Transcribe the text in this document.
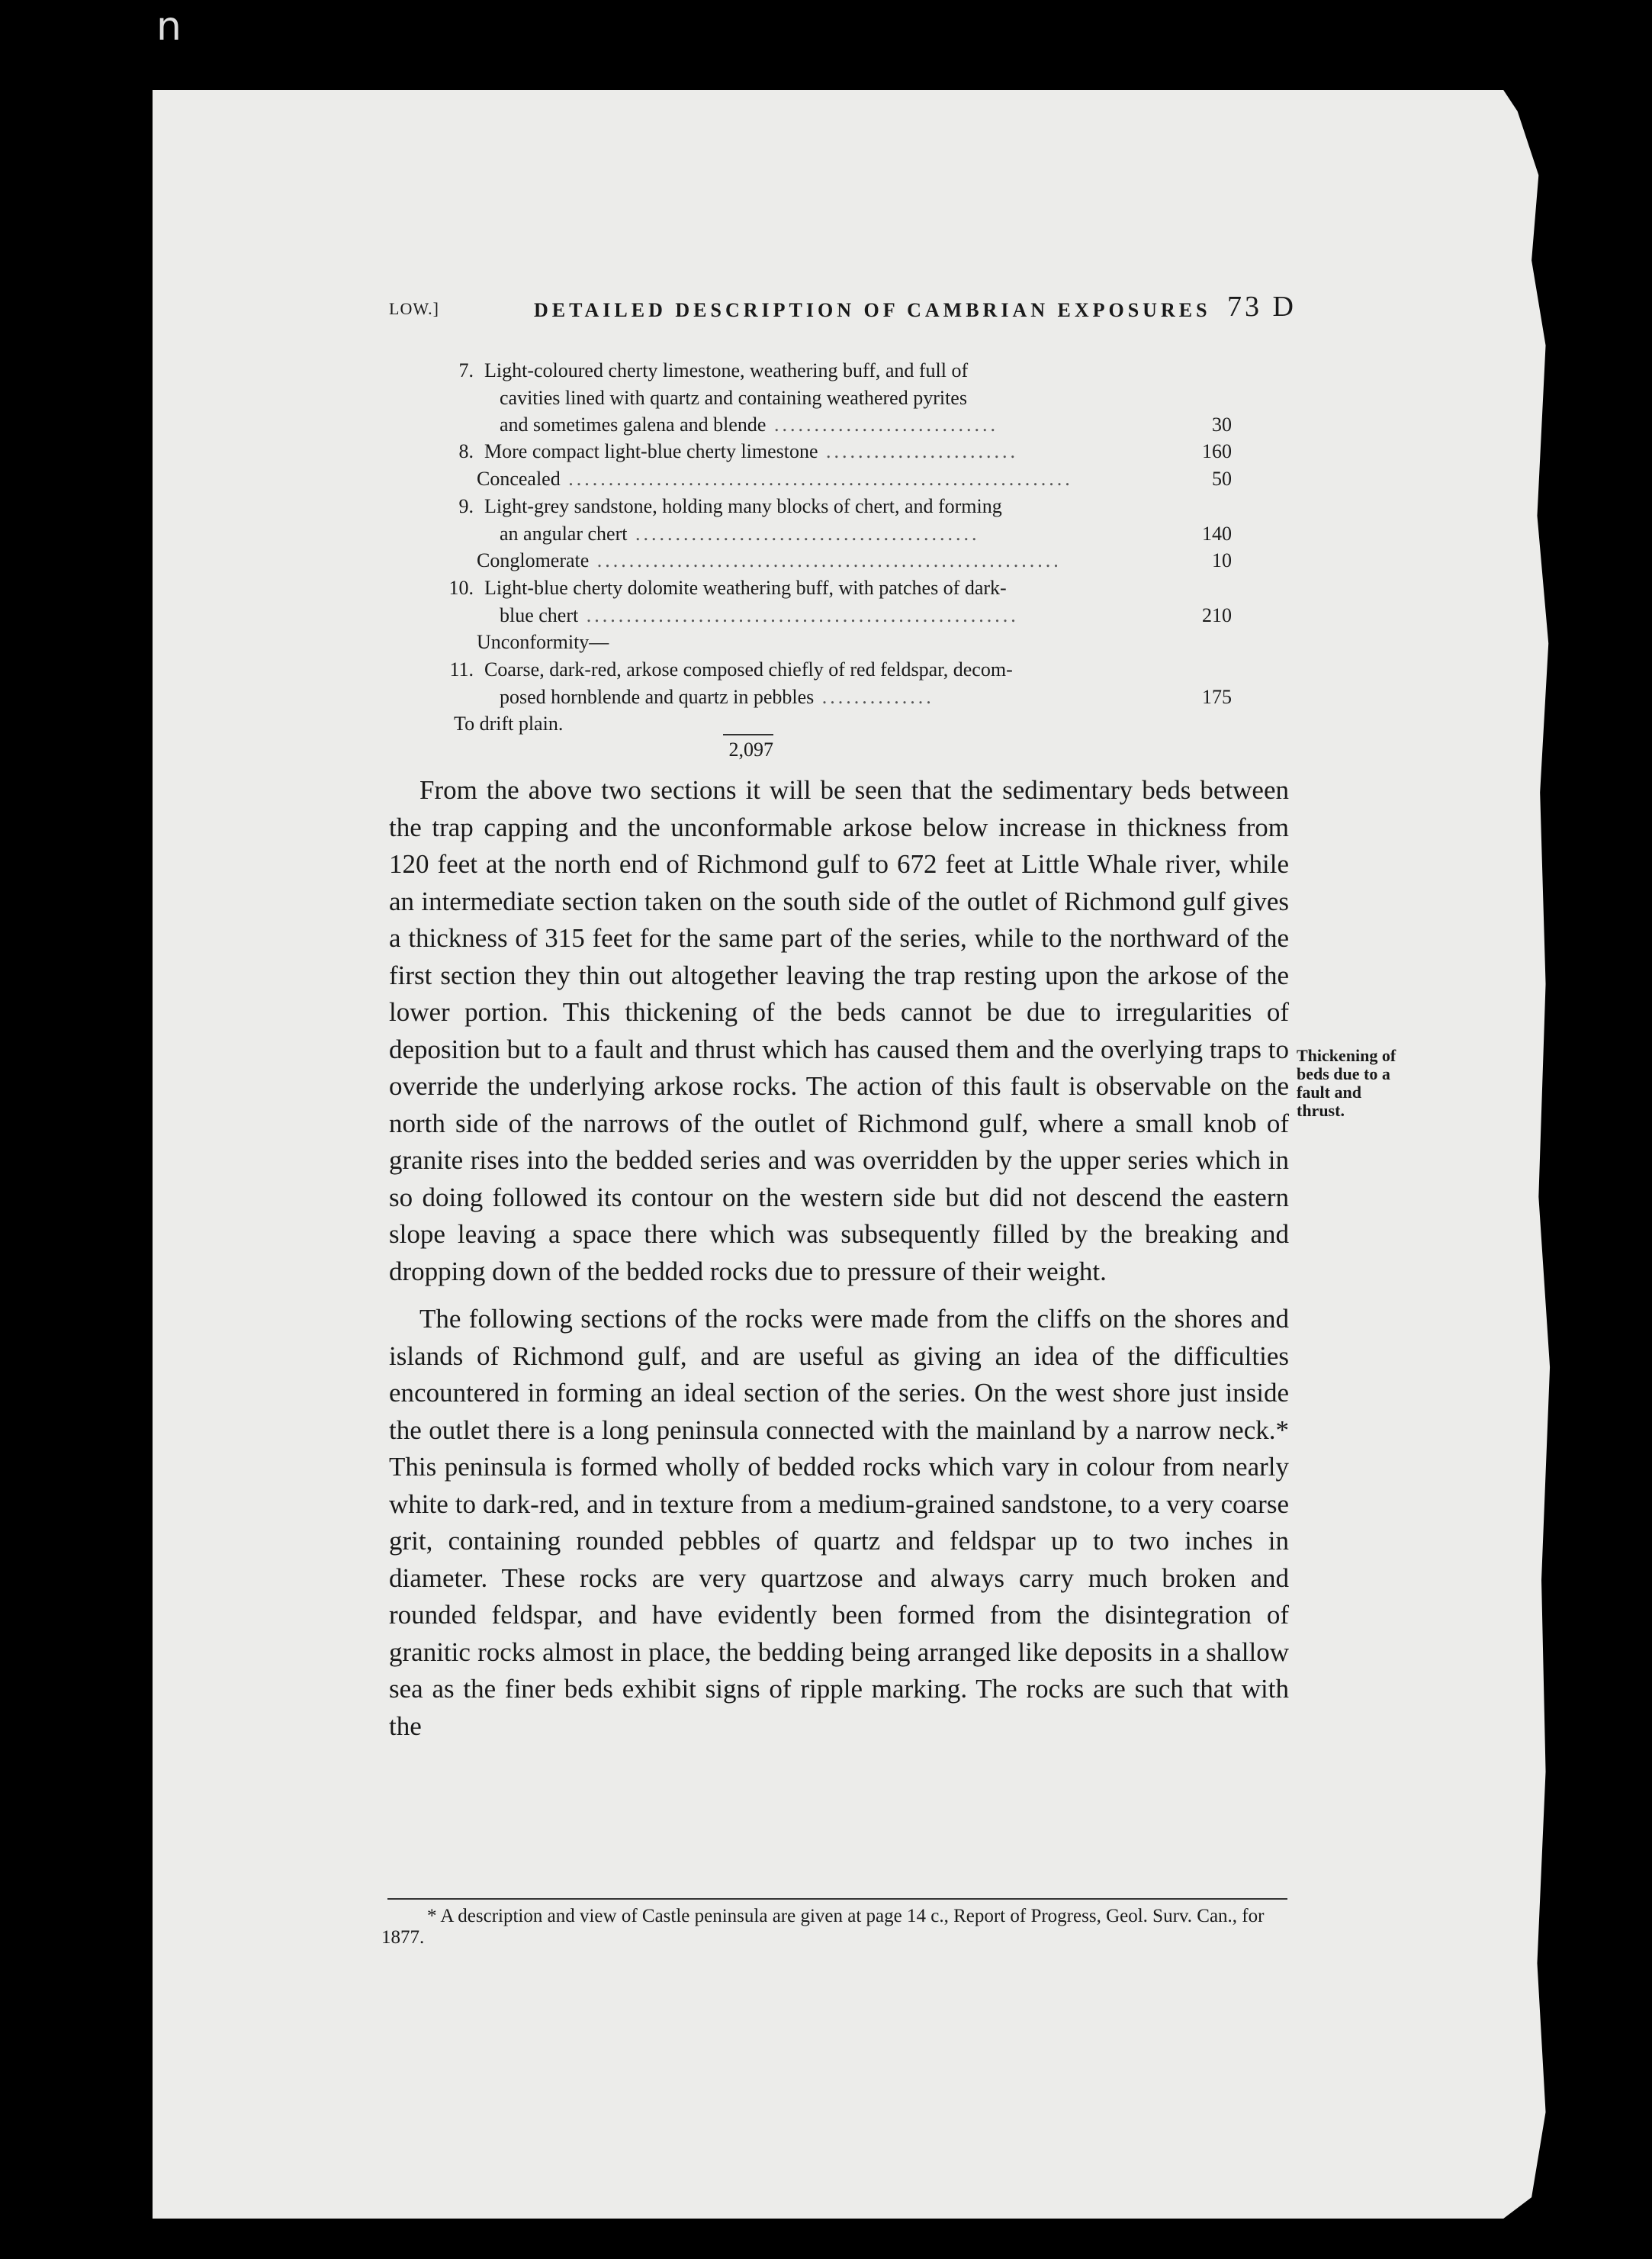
n
LOW.]	DETAILED DESCRIPTION OF CAMBRIAN EXPOSURES 73 D
7. Light-coloured cherty limestone, weathering buff, and full of
cavities lined with quartz and containing weathered pyrites
and sometimes galena and blende ............................	30
8. More compact light-blue cherty limestone ........................	160
Concealed ...............................................................	50
9. Light-grey sandstone, holding many blocks of chert, and forming
an angular chert ...........................................	140
Conglomerate ..........................................................	10
10. Light-blue cherty dolomite weathering buff, with patches of dark-
blue chert ......................................................	210
Unconformity—
11. Coarse, dark-red, arkose composed chiefly of red feldspar, decom-
posed hornblende and quartz in pebbles ..............	175
To drift plain.
2,097

From the above two sections it will be seen that the sedimentary beds between the trap capping and the unconformable arkose below increase in thickness from 120 feet at the north end of Richmond gulf to 672 feet at Little Whale river, while an intermediate section taken on the south side of the outlet of Richmond gulf gives a thickness of 315 feet for the same part of the series, while to the northward of the first section they thin out altogether leaving the trap resting upon the arkose of the lower portion. This thickening of the beds cannot be due to irregularities of deposition but to a fault and thrust which has caused them and the overlying traps to override the underlying arkose rocks. The action of this fault is observable on the north side of the narrows of the outlet of Richmond gulf, where a small knob of granite rises into the bedded series and was overridden by the upper series which in so doing followed its contour on the western side but did not descend the eastern slope leaving a space there which was subsequently filled by the breaking and dropping down of the bedded rocks due to pressure of their weight.

The following sections of the rocks were made from the cliffs on the shores and islands of Richmond gulf, and are useful as giving an idea of the difficulties encountered in forming an ideal section of the series. On the west shore just inside the outlet there is a long peninsula connected with the mainland by a narrow neck.* This peninsula is formed wholly of bedded rocks which vary in colour from nearly white to dark-red, and in texture from a medium-grained sandstone, to a very coarse grit, containing rounded pebbles of quartz and feldspar up to two inches in diameter. These rocks are very quartzose and always carry much broken and rounded feldspar, and have evidently been formed from the disintegration of granitic rocks almost in place, the bedding being arranged like deposits in a shallow sea as the finer beds exhibit signs of ripple marking. The rocks are such that with the

Thickening of
beds due to a
fault and
thrust.
* A description and view of Castle peninsula are given at page 14 c., Report of Progress, Geol. Surv. Can., for 1877.
